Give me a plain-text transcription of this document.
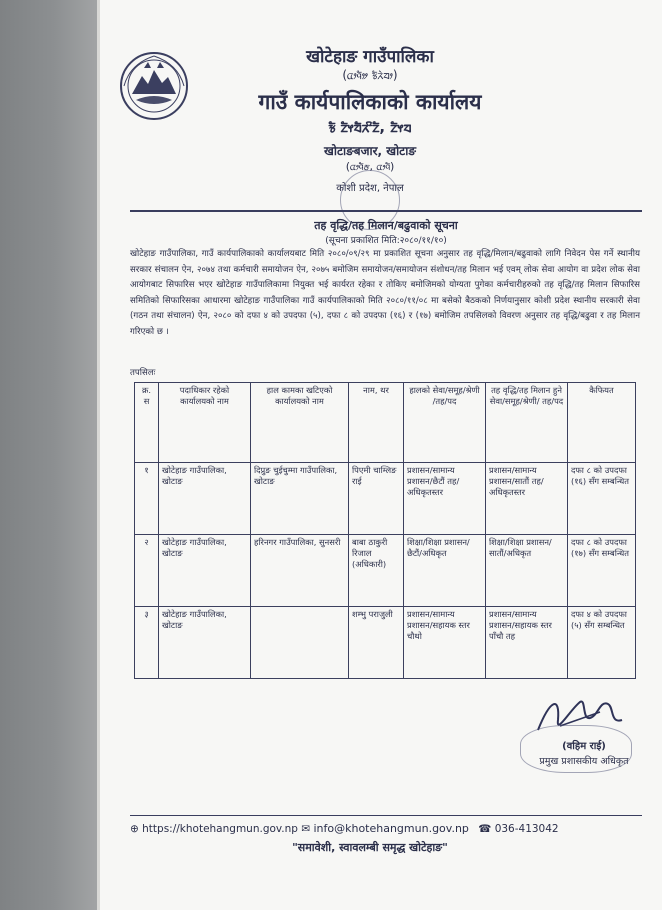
खोटेहाङ गाउँपालिका
(ᤂᤣᤚᤦ ᤃᤠᤖᤧᤔᤣ)
गाउँ कार्यपालिकाको कार्यालय
ᤃᤠ ᤁᤠᤶᤔᤠᤖᤡᤁᤠ, ᤁᤠᤶᤔ
खोटाङबजार, खोटाङ
(ᤂᤣᤚᤠᤅ, ᤂᤣᤚᤠ)
कोशी प्रदेश, नेपाल
तह वृद्धि/तह मिलान/बढुवाको सूचना
(सूचना प्रकाशित मिति:२०८०/११/१०)
खोटेहाङ गाउँपालिका, गाउँ कार्यपालिकाको कार्यालयबाट मिति २०८०/०९/२९ मा प्रकाशित सूचना अनुसार तह वृद्धि/मिलान/बढुवाको लागि निवेदन पेस गर्ने स्थानीय सरकार संचालन ऐन, २०७४ तथा कर्मचारी समायोजन ऐन, २०७५ बमोजिम समायोजन/समायोजन संशोधन/तह मिलान भई एवम् लोक सेवा आयोग वा प्रदेश लोक सेवा आयोगबाट सिफारिस भएर खोटेहाङ गाउँपालिकामा नियुक्त भई कार्यरत रहेका र तोकिए बमोजिमको योग्यता पुगेका कर्मचारीहरुको तह वृद्धि/तह मिलान सिफारिस समितिको सिफारिसका आधारमा खोटेहाङ गाउँपालिका गाउँ कार्यपालिकाको मिति २०८०/११/०८ मा बसेको बैठकको निर्णयानुसार कोशी प्रदेश स्थानीय सरकारी सेवा (गठन तथा संचालन) ऐन, २०८० को दफा ४ को उपदफा (५), दफा ८ को उपदफा (१६) र (१७) बमोजिम तपसिलको विवरण अनुसार तह वृद्धि/बढुवा र तह मिलान गरिएको छ ।
तपसिलः
क्र. स	पदाधिकार रहेको कार्यालयको नाम	हाल कामका खटिएको कार्यालयको नाम	नाम, थर	हालको सेवा/समूह/श्रेणी /तह/पद	तह वृद्धि/तह मिलान हुने सेवा/समूह/श्रेणी/ तह/पद	कैफियत
१	खोटेहाङ गाउँपालिका, खोटाङ	दिप्रुङ चुईचुम्मा गाउँपालिका, खोटाङ	पिएमी चाम्लिङ राई	प्रशासन/सामान्य प्रशासन/छैटौं तह/अधिकृतस्तर	प्रशासन/सामान्य प्रशासन/सातौं तह/अधिकृतस्तर	दफा ८ को उपदफा (१६) सँग सम्बन्धित
२	खोटेहाङ गाउँपालिका, खोटाङ	हरिनगर गाउँपालिका, सुनसरी	बाबा ठाकुरी रिजाल (अधिकारी)	शिक्षा/शिक्षा प्रशासन/छैटौं/अधिकृत	शिक्षा/शिक्षा प्रशासन/सातौं/अधिकृत	दफा ८ को उपदफा (१७) सँग सम्बन्धित
३	खोटेहाङ गाउँपालिका, खोटाङ		शम्भु पराजुली	प्रशासन/सामान्य प्रशासन/सहायक स्तर चौथो	प्रशासन/सामान्य प्रशासन/सहायक स्तर पाँचौ तह	दफा ४ को उपदफा (५) सँग सम्बन्धित
(वहिम राई)
प्रमुख प्रशासकीय अधिकृत
⊕ https://khotehangmun.gov.np ✉ info@khotehangmun.gov.np ☎ 036-413042
"समावेशी, स्वावलम्बी समृद्ध खोटेहाङ"
